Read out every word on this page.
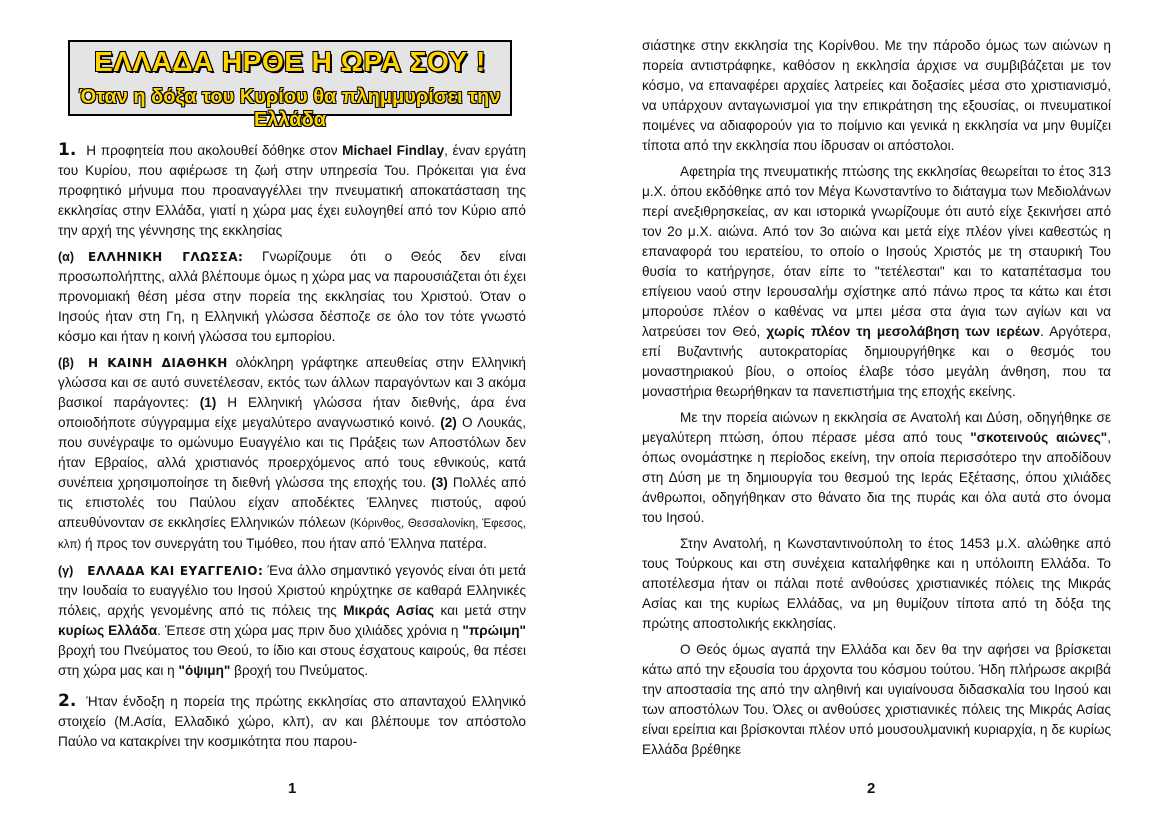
ΕΛΛΑΔΑ ΗΡΘΕ Η ΩΡΑ ΣΟΥ !
Όταν η δόξα του Κυρίου θα πλημμυρίσει την Ελλάδα

1. Η προφητεία που ακολουθεί δόθηκε στον Michael Findlay, έναν εργάτη του Κυρίου, που αφιέρωσε τη ζωή στην υπηρεσία Του. Πρόκειται για ένα προφητικό μήνυμα που προαναγγέλλει την πνευματική αποκατάσταση της εκκλησίας στην Ελλάδα, γιατί η χώρα μας έχει ευλογηθεί από τον Κύριο από την αρχή της γέννησης της εκκλησίας

(α) ΕΛΛΗΝΙΚΗ ΓΛΩΣΣΑ: Γνωρίζουμε ότι ο Θεός δεν είναι προσωπολήπτης, αλλά βλέπουμε όμως η χώρα μας να παρουσιάζεται ότι έχει προνομιακή θέση μέσα στην πορεία της εκκλησίας του Χριστού. Όταν ο Ιησούς ήταν στη Γη, η Ελληνική γλώσσα δέσποζε σε όλο τον τότε γνωστό κόσμο και ήταν η κοινή γλώσσα του εμπορίου.

(β) Η ΚΑΙΝΗ ΔΙΑΘΗΚΗ ολόκληρη γράφτηκε απευθείας στην Ελληνική γλώσσα και σε αυτό συνετέλεσαν, εκτός των άλλων παραγόντων και 3 ακόμα βασικοί παράγοντες: (1) Η Ελληνική γλώσσα ήταν διεθνής, άρα ένα οποιοδήποτε σύγγραμμα είχε μεγαλύτερο αναγνωστικό κοινό. (2) Ο Λουκάς, που συνέγραψε το ομώνυμο Ευαγγέλιο και τις Πράξεις των Αποστόλων δεν ήταν Εβραίος, αλλά χριστιανός προερχόμενος από τους εθνικούς, κατά συνέπεια χρησιμοποίησε τη διεθνή γλώσσα της εποχής του. (3) Πολλές από τις επιστολές του Παύλου είχαν αποδέκτες Έλληνες πιστούς, αφού απευθύνονταν σε εκκλησίες Ελληνικών πόλεων (Κόρινθος, Θεσσαλονίκη, Έφεσος, κλπ) ή προς τον συνεργάτη του Τιμόθεο, που ήταν από Έλληνα πατέρα.

(γ) ΕΛΛΑΔΑ ΚΑΙ ΕΥΑΓΓΕΛΙΟ: Ένα άλλο σημαντικό γεγονός είναι ότι μετά την Ιουδαία το ευαγγέλιο του Ιησού Χριστού κηρύχτηκε σε καθαρά Ελληνικές πόλεις, αρχής γενομένης από τις πόλεις της Μικράς Ασίας και μετά στην κυρίως Ελλάδα. Έπεσε στη χώρα μας πριν δυο χιλιάδες χρόνια η "πρώιμη" βροχή του Πνεύματος του Θεού, το ίδιο και στους έσχατους καιρούς, θα πέσει στη χώρα μας και η "όψιμη" βροχή του Πνεύματος.

2. Ήταν ένδοξη η πορεία της πρώτης εκκλησίας στο απανταχού Ελληνικό στοιχείο (Μ.Ασία, Ελλαδικό χώρο, κλπ), αν και βλέπουμε τον απόστολο Παύλο να κατακρίνει την κοσμικότητα που παρου-

1

σιάστηκε στην εκκλησία της Κορίνθου. Με την πάροδο όμως των αιώνων η πορεία αντιστράφηκε, καθόσον η εκκλησία άρχισε να συμβιβάζεται με τον κόσμο, να επαναφέρει αρχαίες λατρείες και δοξασίες μέσα στο χριστιανισμό, να υπάρχουν ανταγωνισμοί για την επικράτηση της εξουσίας, οι πνευματικοί ποιμένες να αδιαφορούν για το ποίμνιο και γενικά η εκκλησία να μην θυμίζει τίποτα από την εκκλησία που ίδρυσαν οι απόστολοι.

Αφετηρία της πνευματικής πτώσης της εκκλησίας θεωρείται το έτος 313 μ.Χ. όπου εκδόθηκε από τον Μέγα Κωνσταντίνο το διάταγμα των Μεδιολάνων περί ανεξιθρησκείας, αν και ιστορικά γνωρίζουμε ότι αυτό είχε ξεκινήσει από τον 2ο μ.Χ. αιώνα. Από τον 3ο αιώνα και μετά είχε πλέον γίνει καθεστώς η επαναφορά του ιερατείου, το οποίο ο Ιησούς Χριστός με τη σταυρική Του θυσία το κατήργησε, όταν είπε το "τετέλεσται" και το καταπέτασμα του επίγειου ναού στην Ιερουσαλήμ σχίστηκε από πάνω προς τα κάτω και έτσι μπορούσε πλέον ο καθένας να μπει μέσα στα άγια των αγίων και να λατρεύσει τον Θεό, χωρίς πλέον τη μεσολάβηση των ιερέων. Αργότερα, επί Βυζαντινής αυτοκρατορίας δημιουργήθηκε και ο θεσμός του μοναστηριακού βίου, ο οποίος έλαβε τόσο μεγάλη άνθηση, που τα μοναστήρια θεωρήθηκαν τα πανεπιστήμια της εποχής εκείνης.

Με την πορεία αιώνων η εκκλησία σε Ανατολή και Δύση, οδηγήθηκε σε μεγαλύτερη πτώση, όπου πέρασε μέσα από τους "σκοτεινούς αιώνες", όπως ονομάστηκε η περίοδος εκείνη, την οποία περισσότερο την αποδίδουν στη Δύση με τη δημιουργία του θεσμού της Ιεράς Εξέτασης, όπου χιλιάδες άνθρωποι, οδηγήθηκαν στο θάνατο δια της πυράς και όλα αυτά στο όνομα του Ιησού.

Στην Ανατολή, η Κωνσταντινούπολη το έτος 1453 μ.Χ. αλώθηκε από τους Τούρκους και στη συνέχεια καταλήφθηκε και η υπόλοιπη Ελλάδα. Το αποτέλεσμα ήταν οι πάλαι ποτέ ανθούσες χριστιανικές πόλεις της Μικράς Ασίας και της κυρίως Ελλάδας, να μη θυμίζουν τίποτα από τη δόξα της πρώτης αποστολικής εκκλησίας.

Ο Θεός όμως αγαπά την Ελλάδα και δεν θα την αφήσει να βρίσκεται κάτω από την εξουσία του άρχοντα του κόσμου τούτου. Ήδη πλήρωσε ακριβά την αποστασία της από την αληθινή και υγιαίνουσα διδασκαλία του Ιησού και των αποστόλων Του. Όλες οι ανθούσες χριστιανικές πόλεις της Μικράς Ασίας είναι ερείπια και βρίσκονται πλέον υπό μουσουλμανική κυριαρχία, η δε κυρίως Ελλάδα βρέθηκε

2
